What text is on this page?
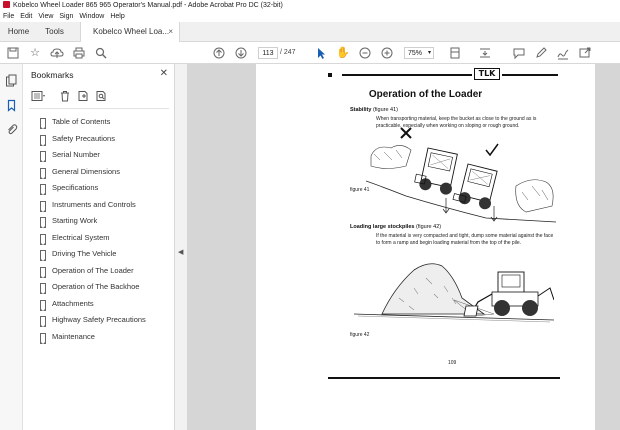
Kobelco Wheel Loader 865 965 Operator's Manual.pdf - Adobe Acrobat Pro DC (32-bit)
File Edit View Sign Window Help
Home	Tools	Kobelco Wheel Loa... ×
☆	113 / 247	✋	75% ▾
Bookmarks	✕
Table of Contents
Safety Precautions
Serial Number
General Dimensions
Specifications
Instruments and Controls
Starting Work
Electrical System
Driving The Vehicle
Operation of The Loader
Operation of The Backhoe
Attachments
Highway Safety Precautions
Maintenance
◀
TLK
Operation of the Loader
Stability (figure 41)
When transporting material, keep the bucket as close to the ground as is practicable, especially when working on sloping or rough ground.
figure 41
Loading large stockpiles (figure 42)
If the material is very compacted and tight, dump some material against the face to form a ramp and begin loading material from the top of the pile.
figure 42
109
